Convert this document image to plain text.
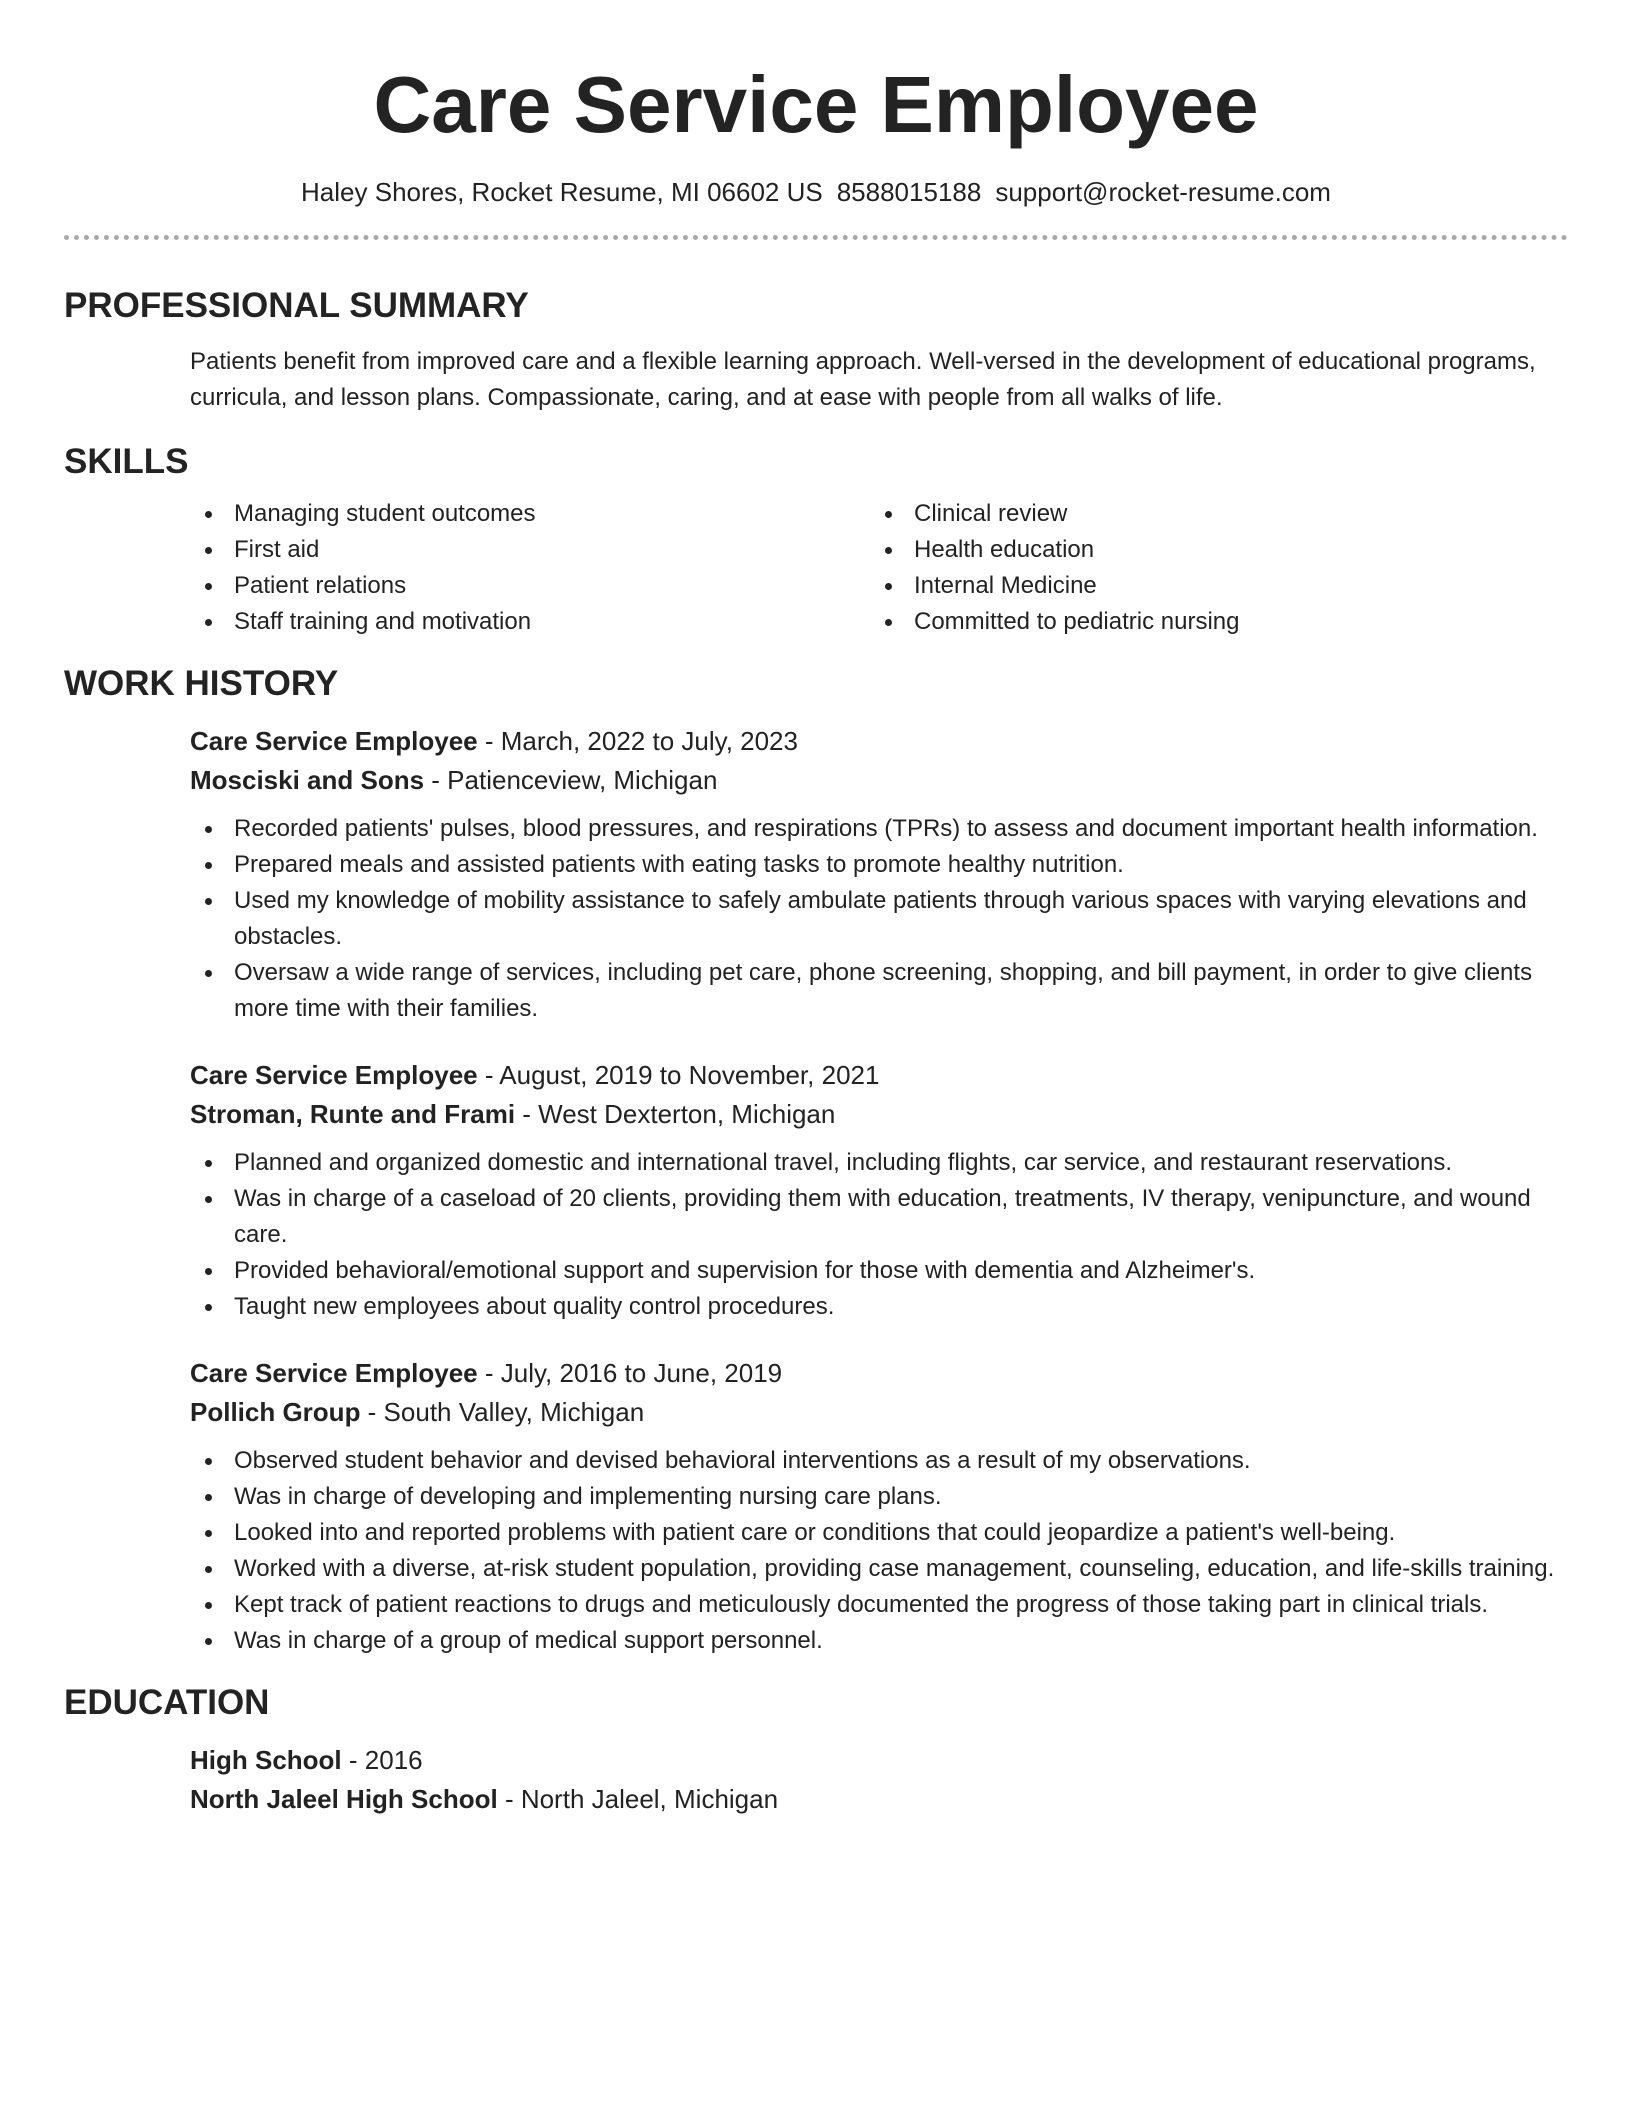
Care Service Employee
Haley Shores, Rocket Resume, MI 06602 US 8588015188 support@rocket-resume.com
PROFESSIONAL SUMMARY

Patients benefit from improved care and a flexible learning approach. Well-versed in the development of educational programs, curricula, and lesson plans. Compassionate, caring, and at ease with people from all walks of life.

SKILLS
Managing student outcomes
First aid
Patient relations
Staff training and motivation
Clinical review
Health education
Internal Medicine
Committed to pediatric nursing
WORK HISTORY
Care Service Employee - March, 2022 to July, 2023
Mosciski and Sons - Patienceview, Michigan
Recorded patients' pulses, blood pressures, and respirations (TPRs) to assess and document important health information.
Prepared meals and assisted patients with eating tasks to promote healthy nutrition.
Used my knowledge of mobility assistance to safely ambulate patients through various spaces with varying elevations and obstacles.
Oversaw a wide range of services, including pet care, phone screening, shopping, and bill payment, in order to give clients more time with their families.
Care Service Employee - August, 2019 to November, 2021
Stroman, Runte and Frami - West Dexterton, Michigan
Planned and organized domestic and international travel, including flights, car service, and restaurant reservations.
Was in charge of a caseload of 20 clients, providing them with education, treatments, IV therapy, venipuncture, and wound care.
Provided behavioral/emotional support and supervision for those with dementia and Alzheimer's.
Taught new employees about quality control procedures.
Care Service Employee - July, 2016 to June, 2019
Pollich Group - South Valley, Michigan
Observed student behavior and devised behavioral interventions as a result of my observations.
Was in charge of developing and implementing nursing care plans.
Looked into and reported problems with patient care or conditions that could jeopardize a patient's well-being.
Worked with a diverse, at-risk student population, providing case management, counseling, education, and life-skills training.
Kept track of patient reactions to drugs and meticulously documented the progress of those taking part in clinical trials.
Was in charge of a group of medical support personnel.
EDUCATION
High School - 2016
North Jaleel High School - North Jaleel, Michigan
